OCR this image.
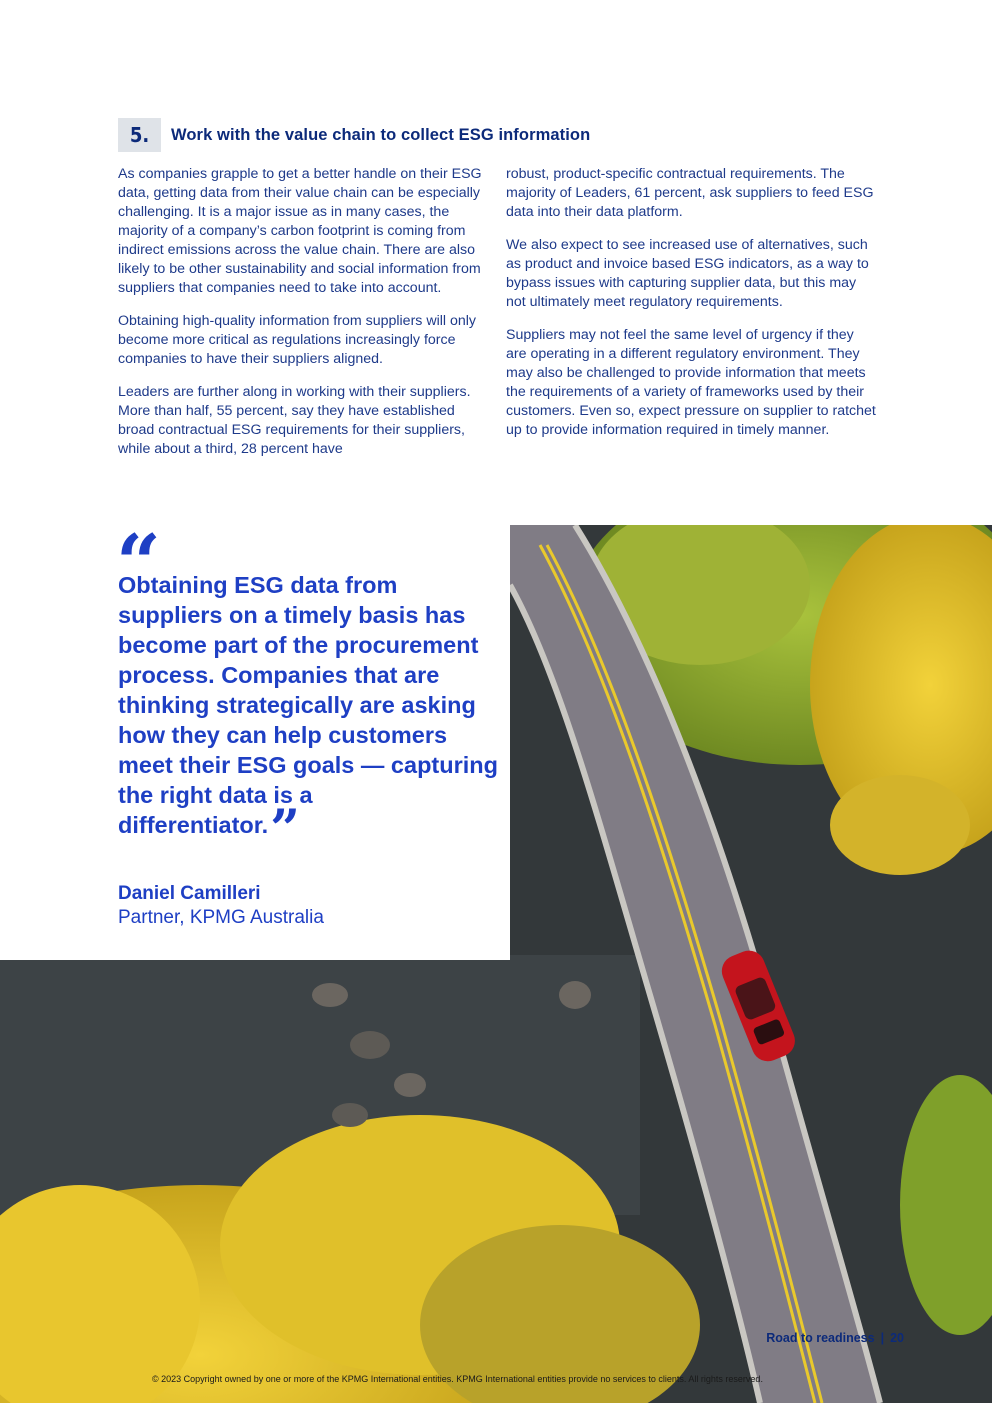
5.	Work with the value chain to collect ESG information

As companies grapple to get a better handle on their ESG data, getting data from their value chain can be especially challenging. It is a major issue as in many cases, the majority of a company’s carbon footprint is coming from indirect emissions across the value chain. There are also likely to be other sustainability and social information from suppliers that companies need to take into account.

Obtaining high-quality information from suppliers will only become more critical as regulations increasingly force companies to have their suppliers aligned.

Leaders are further along in working with their suppliers. More than half, 55 percent, say they have established broad contractual ESG requirements for their suppliers, while about a third, 28 percent have

robust, product-specific contractual requirements. The majority of Leaders, 61 percent, ask suppliers to feed ESG data into their data platform.

We also expect to see increased use of alternatives, such as product and invoice based ESG indicators, as a way to bypass issues with capturing supplier data, but this may not ultimately meet regulatory requirements.

Suppliers may not feel the same level of urgency if they are operating in a different regulatory environment. They may also be challenged to provide information that meets the requirements of a variety of frameworks used by their customers. Even so, expect pressure on supplier to ratchet up to provide information required in timely manner.

“
Obtaining ESG data from suppliers on a timely basis has become part of the procurement process. Companies that are thinking strategically are asking how they can help customers meet their ESG goals — capturing the right data is a differentiator.”
Daniel Camilleri
Partner, KPMG Australia
Road to readiness | 20
© 2023 Copyright owned by one or more of the KPMG International entities. KPMG International entities provide no services to clients. All rights reserved.
